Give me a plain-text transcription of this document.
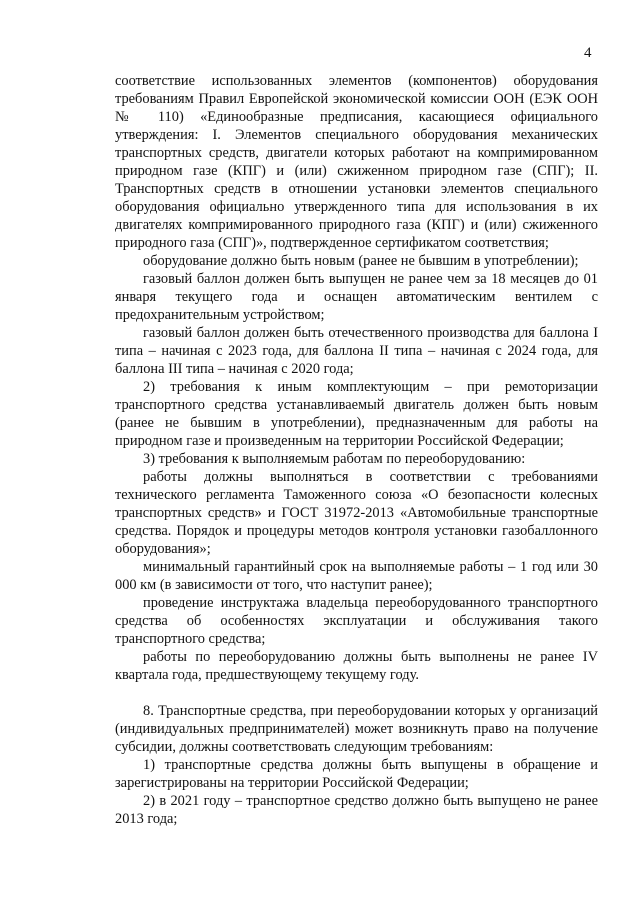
4

соответствие использованных элементов (компонентов) оборудования требованиям Правил Европейской экономической комиссии ООН (ЕЭК ООН № 110) «Единообразные предписания, касающиеся официального утверждения: I. Элементов специального оборудования механических транспортных средств, двигатели которых работают на компримированном природном газе (КПГ) и (или) сжиженном природном газе (СПГ); II. Транспортных средств в отношении установки элементов специального оборудования официально утвержденного типа для использования в их двигателях компримированного природного газа (КПГ) и (или) сжиженного природного газа (СПГ)», подтвержденное сертификатом соответствия;

оборудование должно быть новым (ранее не бывшим в употреблении);

газовый баллон должен быть выпущен не ранее чем за 18 месяцев до 01 января текущего года и оснащен автоматическим вентилем с предохранительным устройством;

газовый баллон должен быть отечественного производства для баллона I типа – начиная с 2023 года, для баллона II типа – начиная с 2024 года, для баллона III типа – начиная с 2020 года;

2) требования к иным комплектующим – при ремоторизации транспортного средства устанавливаемый двигатель должен быть новым (ранее не бывшим в употреблении), предназначенным для работы на природном газе и произведенным на территории Российской Федерации;

3) требования к выполняемым работам по переоборудованию:

работы должны выполняться в соответствии с требованиями технического регламента Таможенного союза «О безопасности колесных транспортных средств» и ГОСТ 31972-2013 «Автомобильные транспортные средства. Порядок и процедуры методов контроля установки газобаллонного оборудования»;

минимальный гарантийный срок на выполняемые работы – 1 год или 30 000 км (в зависимости от того, что наступит ранее);

проведение инструктажа владельца переоборудованного транспортного средства об особенностях эксплуатации и обслуживания такого транспортного средства;

работы по переоборудованию должны быть выполнены не ранее IV квартала года, предшествующему текущему году.

8. Транспортные средства, при переоборудовании которых у организаций (индивидуальных предпринимателей) может возникнуть право на получение субсидии, должны соответствовать следующим требованиям:

1) транспортные средства должны быть выпущены в обращение и зарегистрированы на территории Российской Федерации;

2) в 2021 году – транспортное средство должно быть выпущено не ранее 2013 года;
